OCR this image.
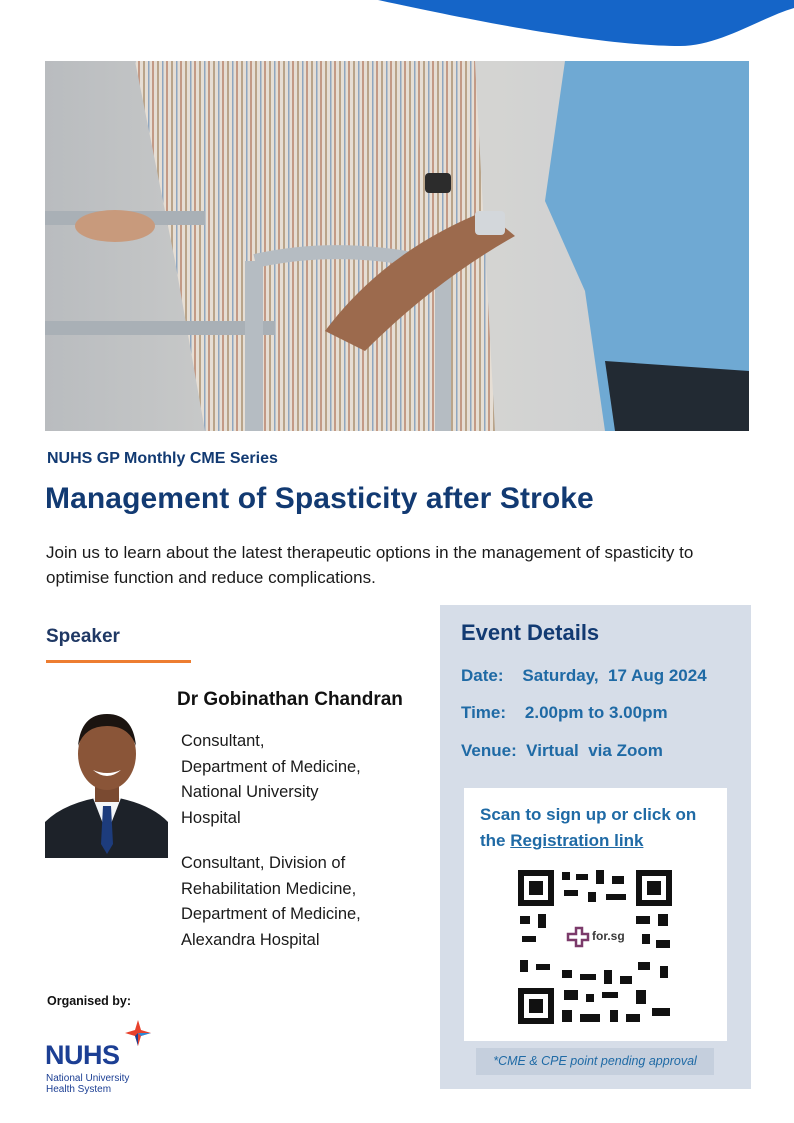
NUHS GP Monthly CME Series
Management of Spasticity after Stroke
Join us to learn about the latest therapeutic options in the management of spasticity to optimise function and reduce complications.
Speaker
Dr Gobinathan Chandran
Consultant,
Department of Medicine,
National University
Hospital
Consultant, Division of
Rehabilitation Medicine,
Department of Medicine,
Alexandra Hospital
Organised by:
NUHS
National University
Health System
Event Details
Date:    Saturday,  17 Aug 2024
Time:    2.00pm to 3.00pm
Venue:  Virtual  via Zoom
Scan to sign up or click on the Registration link
for.sg
*CME & CPE point pending approval
